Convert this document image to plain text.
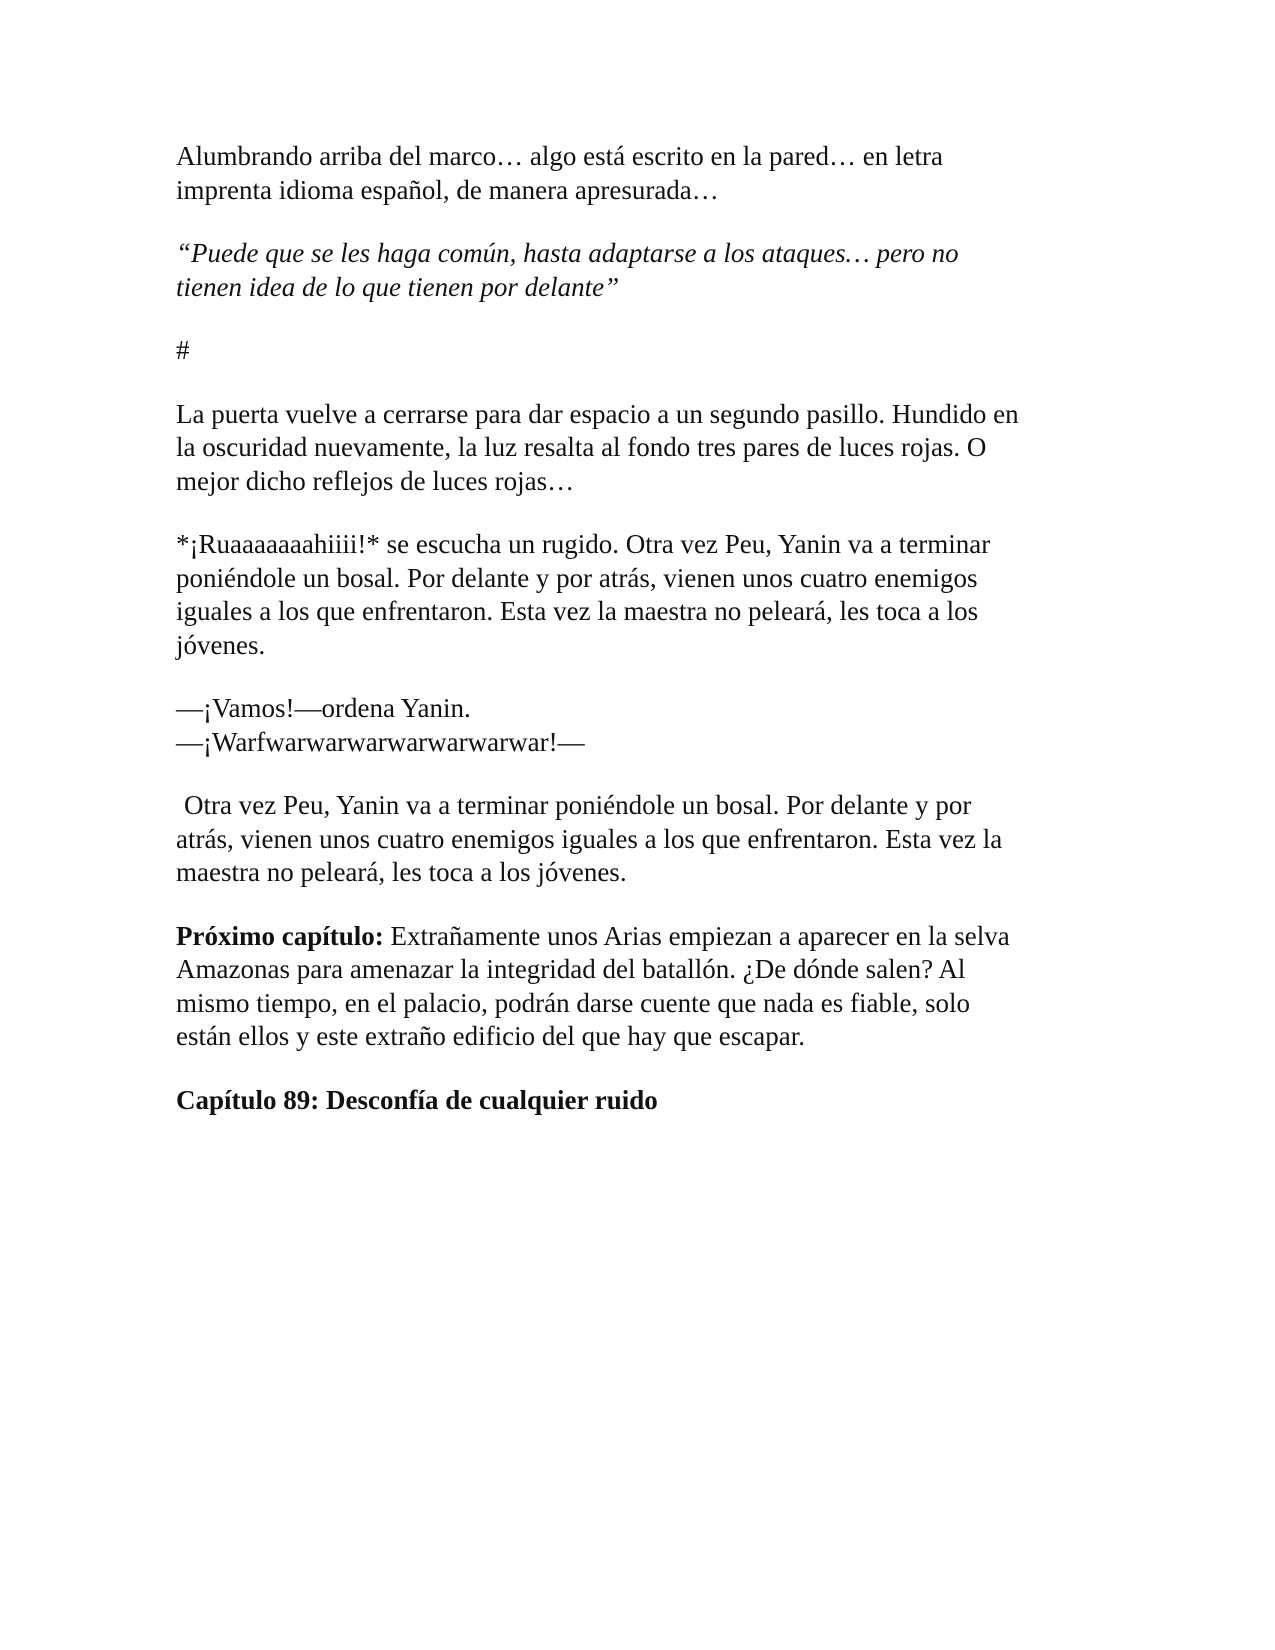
Alumbrando arriba del marco… algo está escrito en la pared… en letra
imprenta idioma español, de manera apresurada…
“Puede que se les haga común, hasta adaptarse a los ataques… pero no
tienen idea de lo que tienen por delante”
#
La puerta vuelve a cerrarse para dar espacio a un segundo pasillo. Hundido en
la oscuridad nuevamente, la luz resalta al fondo tres pares de luces rojas. O
mejor dicho reflejos de luces rojas…
*¡Ruaaaaaaahiiii!* se escucha un rugido. Otra vez Peu, Yanin va a terminar
poniéndole un bosal. Por delante y por atrás, vienen unos cuatro enemigos
iguales a los que enfrentaron. Esta vez la maestra no peleará, les toca a los
jóvenes.
—¡Vamos!—ordena Yanin.
—¡Warfwarwarwarwarwarwarwar!—
Otra vez Peu, Yanin va a terminar poniéndole un bosal. Por delante y por
atrás, vienen unos cuatro enemigos iguales a los que enfrentaron. Esta vez la
maestra no peleará, les toca a los jóvenes.
Próximo capítulo: Extrañamente unos Arias empiezan a aparecer en la selva
Amazonas para amenazar la integridad del batallón. ¿De dónde salen? Al
mismo tiempo, en el palacio, podrán darse cuente que nada es fiable, solo
están ellos y este extraño edificio del que hay que escapar.
Capítulo 89: Desconfía de cualquier ruido
